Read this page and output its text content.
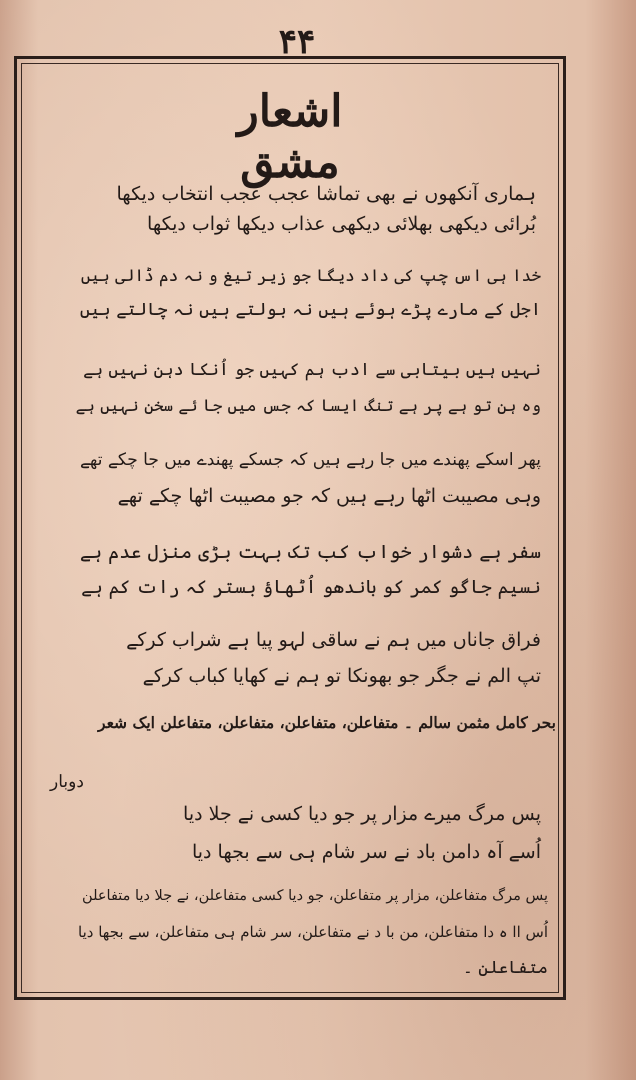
۴۴
اشعار مشق
ہماری آنکھوں نے بھی تماشا عجب عجب انتخاب دیکھا
بُرائی دیکھی بھلائی دیکھی عذاب دیکھا ثواب دیکھا
خدا ہی اس چپ کی داد دیگا جو زیر تیغ و نہ دم ڈالی ہیں
اجل کے مارے پڑے ہوئے ہیں نہ بولتے ہیں نہ چالتے ہیں
نہیں ہیں بیتابی سے ادب ہم کہیں جو اُنکا دہن نہیں ہے
وہ ہن تو ہے پر ہے تنگ ایسا کہ جس میں جا ئے سخن نہیں ہے
پھر اسکے پھندے میں جا رہے ہیں کہ جسکے پھندے میں جا چکے تھے
وہی مصیبت اٹھا رہے ہیں کہ جو مصیبت اٹھا چکے تھے
سفر ہے دشوار خواب کب تک بہت بڑی منزل عدم ہے
نسیم جاگو کمر کو باندھو اُٹھاؤ بستر کہ رات کم ہے
فراق جاناں میں ہم نے ساقی لہو پیا ہے شراب کرکے
تپ الم نے جگر جو بھونکا تو ہم نے کھایا کباب کرکے
بحر کامل مثمن سالم ۔ متفاعلن، متفاعلن، متفاعلن، متفاعلن ایک شعر
دوبار
پس مرگ میرے مزار پر جو دیا کسی نے جلا دیا
اُسے آہ دامن باد نے سر شام ہی سے بجھا دیا
پس مرگ متفاعلن، مزار پر متفاعلن، جو دیا کسی متفاعلن، نے جلا دیا متفاعلن
اُس اا ہ دا متفاعلن، من با د نے متفاعلن، سر شام ہی متفاعلن، سے بجھا دیا
متفاعلن ۔
